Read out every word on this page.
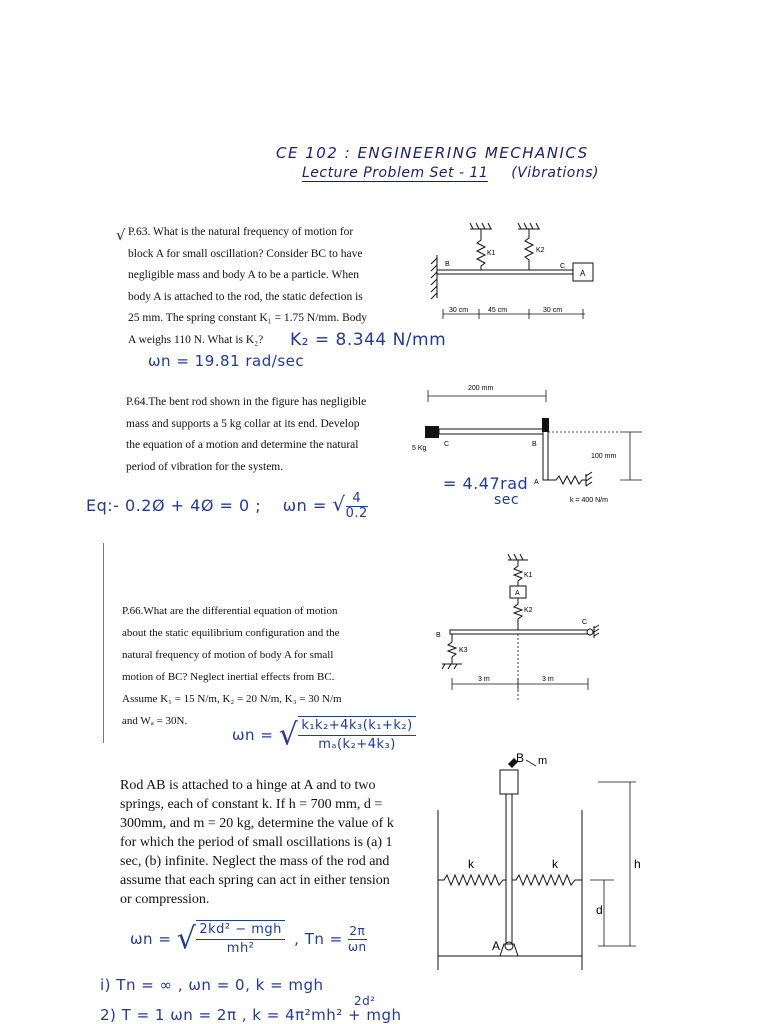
CE 102 : ENGINEERING MECHANICS
Lecture Problem Set - 11 (Vibrations)
√ P.63. What is the natural frequency of motion for
block A for small oscillation? Consider BC to have
negligible mass and body A to be a particle. When
body A is attached to the rod, the static defection is
25 mm. The spring constant K₁ = 1.75 N/mm. Body
A weighs 110 N. What is K₂?	K₂ = 8.344 N/mm
ωn = 19.81 rad/sec
A
B	C
K1	K2
30 cm	45 cm	30 cm
P.64.The bent rod shown in the figure has negligible
mass and supports a 5 kg collar at its end. Develop
the equation of a motion and determine the natural
period of vibration for the system.
Eq:- 0.2Ø + 4Ø = 0 ; ωn = √ $\frac{4}{0.2}$
= 4.47rad
sec
200 mm
5 Kg
C	B
A
k = 400 N/m
100 mm
P.66.What are the differential equation of motion
about the static equilibrium configuration and the
natural frequency of motion of body A for small
motion of BC? Neglect inertial effects from BC.
Assume K₁ = 15 N/m, K₂ = 20 N/m, K₃ = 30 N/m
and Wₐ = 30N.
ωn = √ $\frac{\text{k₁k₂+4k₃(k₁+k₂)}}{\text{mₐ(k₂+4k₃)}}$
K1
A
K2
C
B
K3
3 m	3 m
Rod AB is attached to a hinge at A and to two
springs, each of constant k. If h = 700 mm, d =
300mm, and m = 20 kg, determine the value of k
for which the period of small oscillations is (a) 1
sec, (b) infinite. Neglect the mass of the rod and
assume that each spring can act in either tension
or compression.
ωn = √ 2kd² − mgh
mh²
, $Tn = \frac{2\pi}{\omega n}$
i) Tn = ∞ , ωn = 0, k = mgh
2d²
2) T = 1 ωn = 2π , k = 4π²mh² + mgh
B m
k	k
A
h
d
